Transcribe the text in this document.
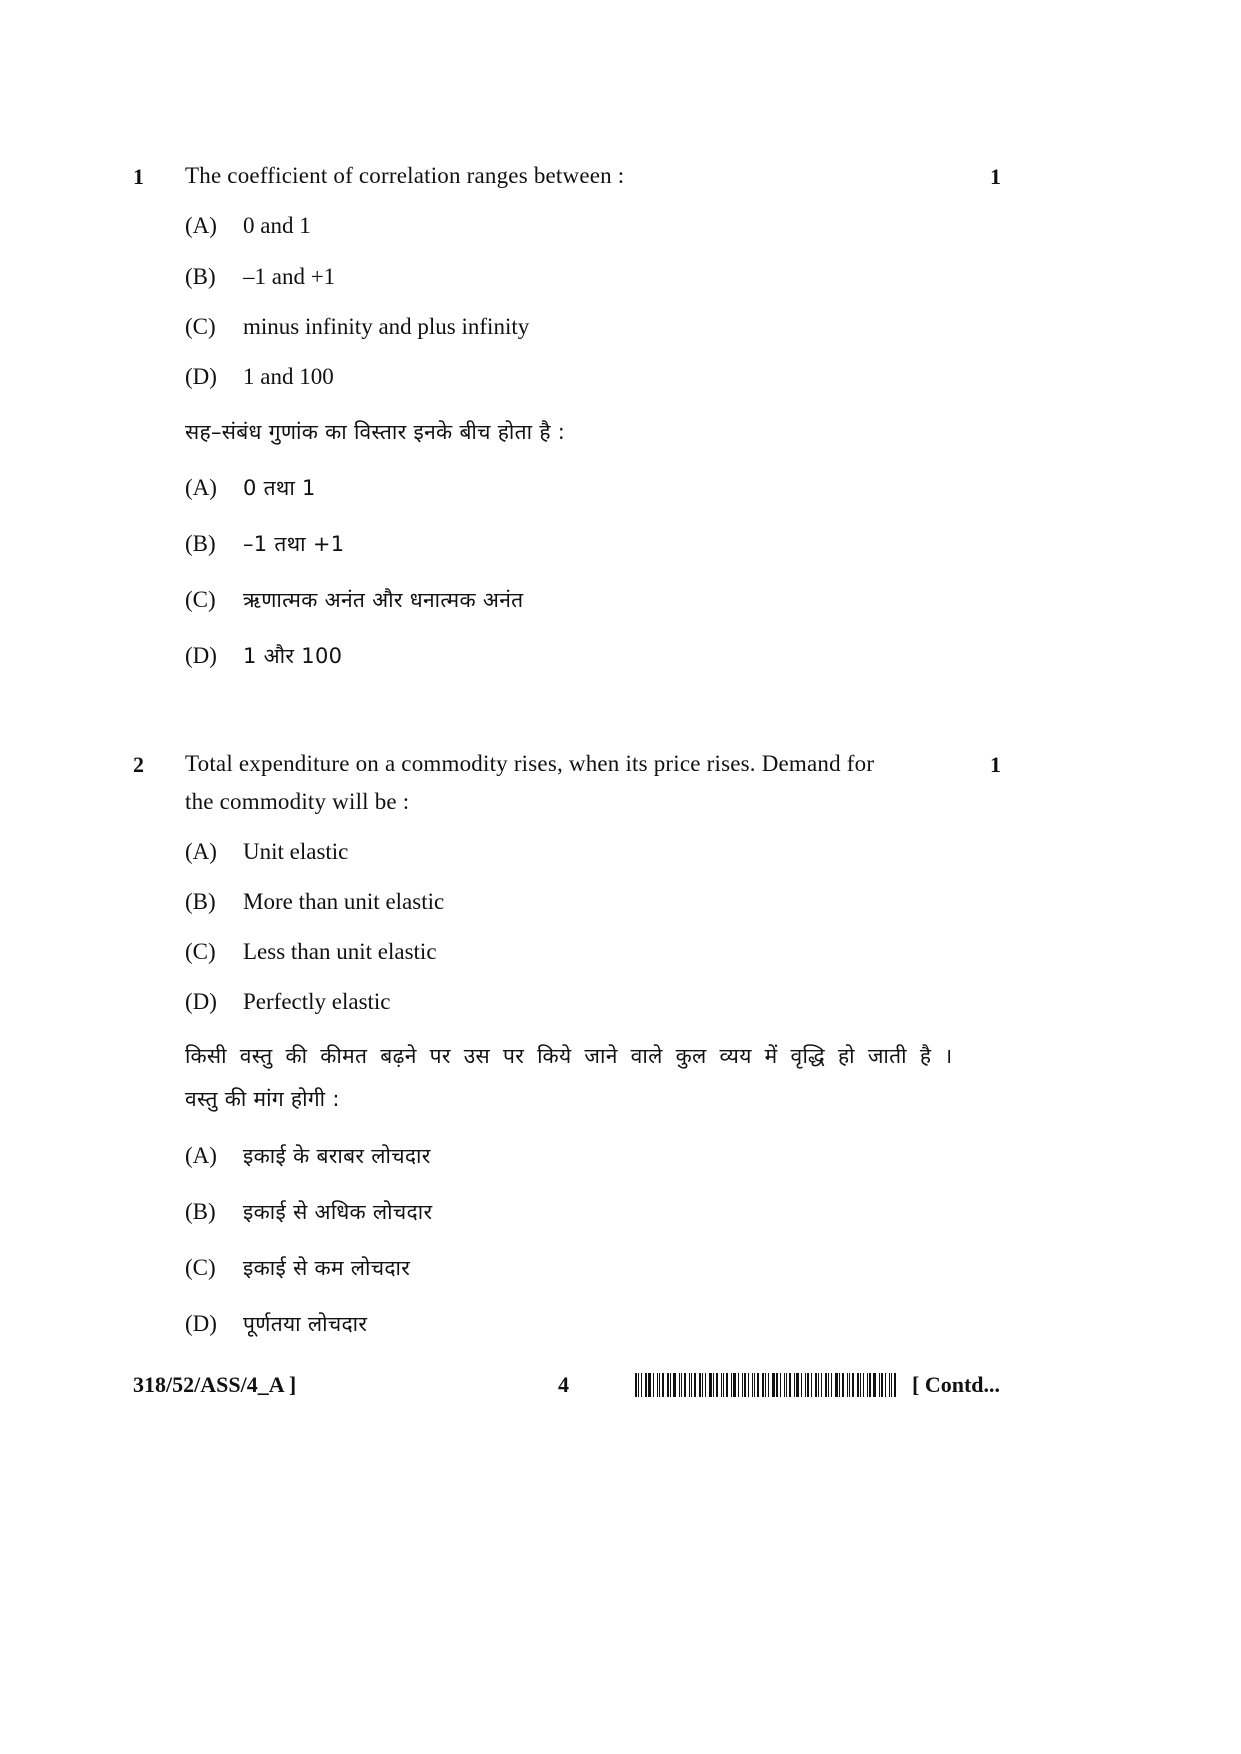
1 The coefficient of correlation ranges between :	1
(A) 0 and 1
(B) –1 and +1
(C) minus infinity and plus infinity
(D) 1 and 100
सह–संबंध गुणांक का विस्तार इनके बीच होता है :
(A) 0 तथा 1
(B) –1 तथा +1
(C) ऋणात्मक अनंत और धनात्मक अनंत
(D) 1 और 100
2 Total expenditure on a commodity rises, when its price rises. Demand for
the commodity will be :
1
(A) Unit elastic
(B) More than unit elastic
(C) Less than unit elastic
(D) Perfectly elastic
किसी वस्तु की कीमत बढ़ने पर उस पर किये जाने वाले कुल व्यय में वृद्धि हो जाती है ।
वस्तु की मांग होगी :
(A) इकाई के बराबर लोचदार
(B) इकाई से अधिक लोचदार
(C) इकाई से कम लोचदार
(D) पूर्णतया लोचदार
318/52/ASS/4_A ]	4	[ Contd...
